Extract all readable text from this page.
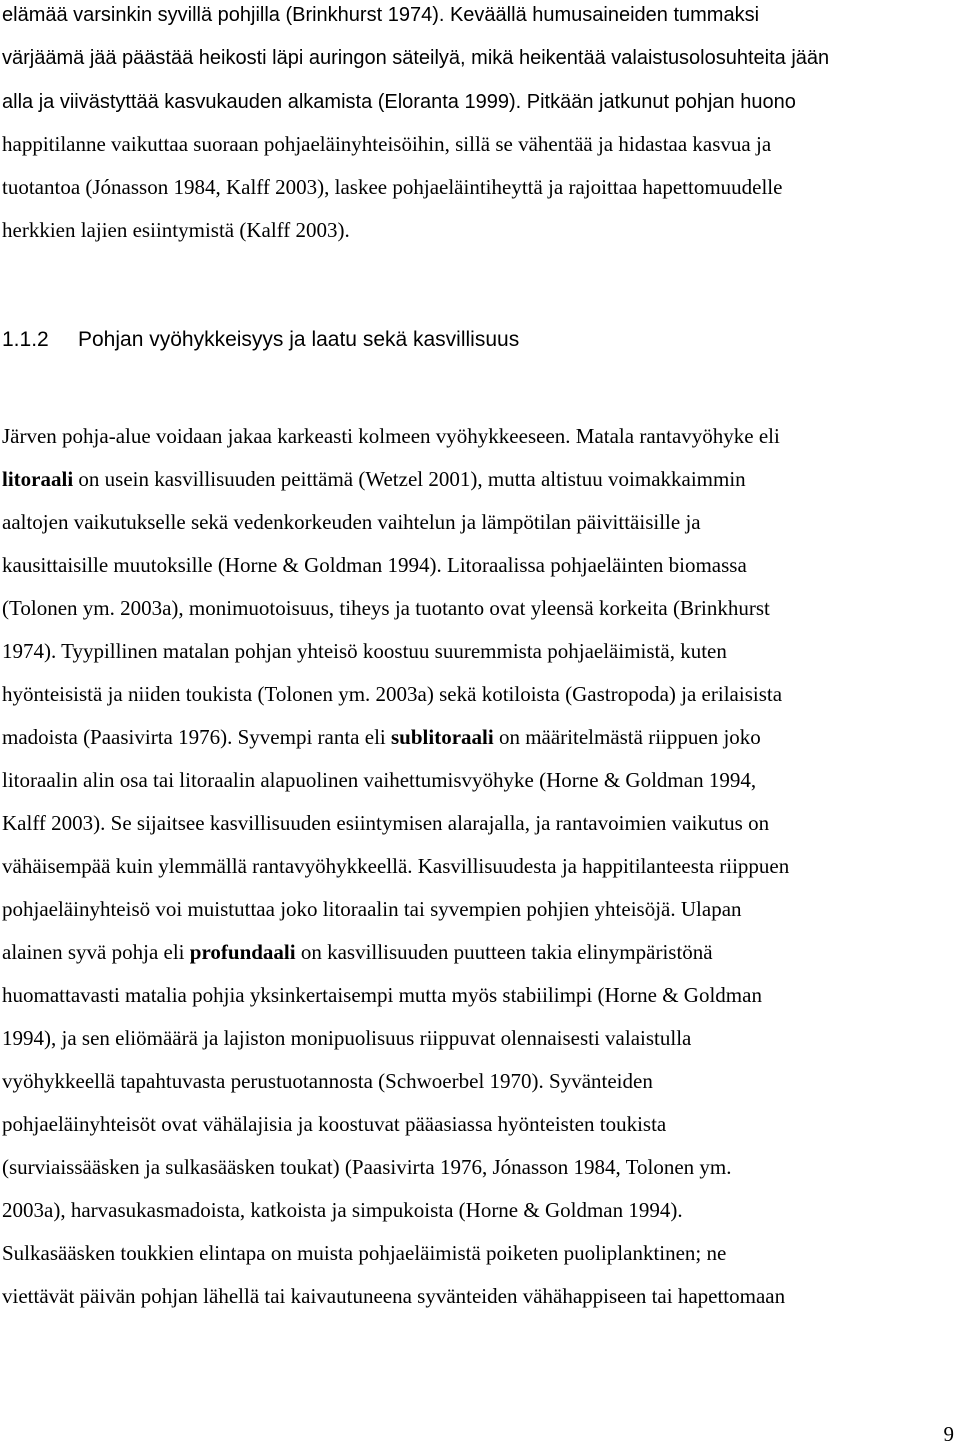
elämää varsinkin syvillä pohjilla (Brinkhurst 1974). Keväällä humusaineiden tummaksi
värjäämä jää päästää heikosti läpi auringon säteilyä, mikä heikentää valaistusolosuhteita jään
alla ja viivästyttää kasvukauden alkamista (Eloranta 1999). Pitkään jatkunut pohjan huono
happitilanne vaikuttaa suoraan pohjaeläinyhteisöihin, sillä se vähentää ja hidastaa kasvua ja
tuotantoa (Jónasson 1984, Kalff 2003), laskee pohjaeläintiheyttä ja rajoittaa hapettomuudelle
herkkien lajien esiintymistä (Kalff 2003).
1.1.2 Pohjan vyöhykkeisyys ja laatu sekä kasvillisuus
Järven pohja-alue voidaan jakaa karkeasti kolmeen vyöhykkeeseen. Matala rantavyöhyke eli
litoraali on usein kasvillisuuden peittämä (Wetzel 2001), mutta altistuu voimakkaimmin
aaltojen vaikutukselle sekä vedenkorkeuden vaihtelun ja lämpötilan päivittäisille ja
kausittaisille muutoksille (Horne & Goldman 1994). Litoraalissa pohjaeläinten biomassa
(Tolonen ym. 2003a), monimuotoisuus, tiheys ja tuotanto ovat yleensä korkeita (Brinkhurst
1974). Tyypillinen matalan pohjan yhteisö koostuu suuremmista pohjaeläimistä, kuten
hyönteisistä ja niiden toukista (Tolonen ym. 2003a) sekä kotiloista (Gastropoda) ja erilaisista
madoista (Paasivirta 1976). Syvempi ranta eli sublitoraali on määritelmästä riippuen joko
litoraalin alin osa tai litoraalin alapuolinen vaihettumisvyöhyke (Horne & Goldman 1994,
Kalff 2003). Se sijaitsee kasvillisuuden esiintymisen alarajalla, ja rantavoimien vaikutus on
vähäisempää kuin ylemmällä rantavyöhykkeellä. Kasvillisuudesta ja happitilanteesta riippuen
pohjaeläinyhteisö voi muistuttaa joko litoraalin tai syvempien pohjien yhteisöjä. Ulapan
alainen syvä pohja eli profundaali on kasvillisuuden puutteen takia elinympäristönä
huomattavasti matalia pohjia yksinkertaisempi mutta myös stabiilimpi (Horne & Goldman
1994), ja sen eliömäärä ja lajiston monipuolisuus riippuvat olennaisesti valaistulla
vyöhykkeellä tapahtuvasta perustuotannosta (Schwoerbel 1970). Syvänteiden
pohjaeläinyhteisöt ovat vähälajisia ja koostuvat pääasiassa hyönteisten toukista
(surviaissääsken ja sulkasääsken toukat) (Paasivirta 1976, Jónasson 1984, Tolonen ym.
2003a), harvasukasmadoista, katkoista ja simpukoista (Horne & Goldman 1994).
Sulkasääsken toukkien elintapa on muista pohjaeläimistä poiketen puoliplanktinen; ne
viettävät päivän pohjan lähellä tai kaivautuneena syvänteiden vähähappiseen tai hapettomaan
9
